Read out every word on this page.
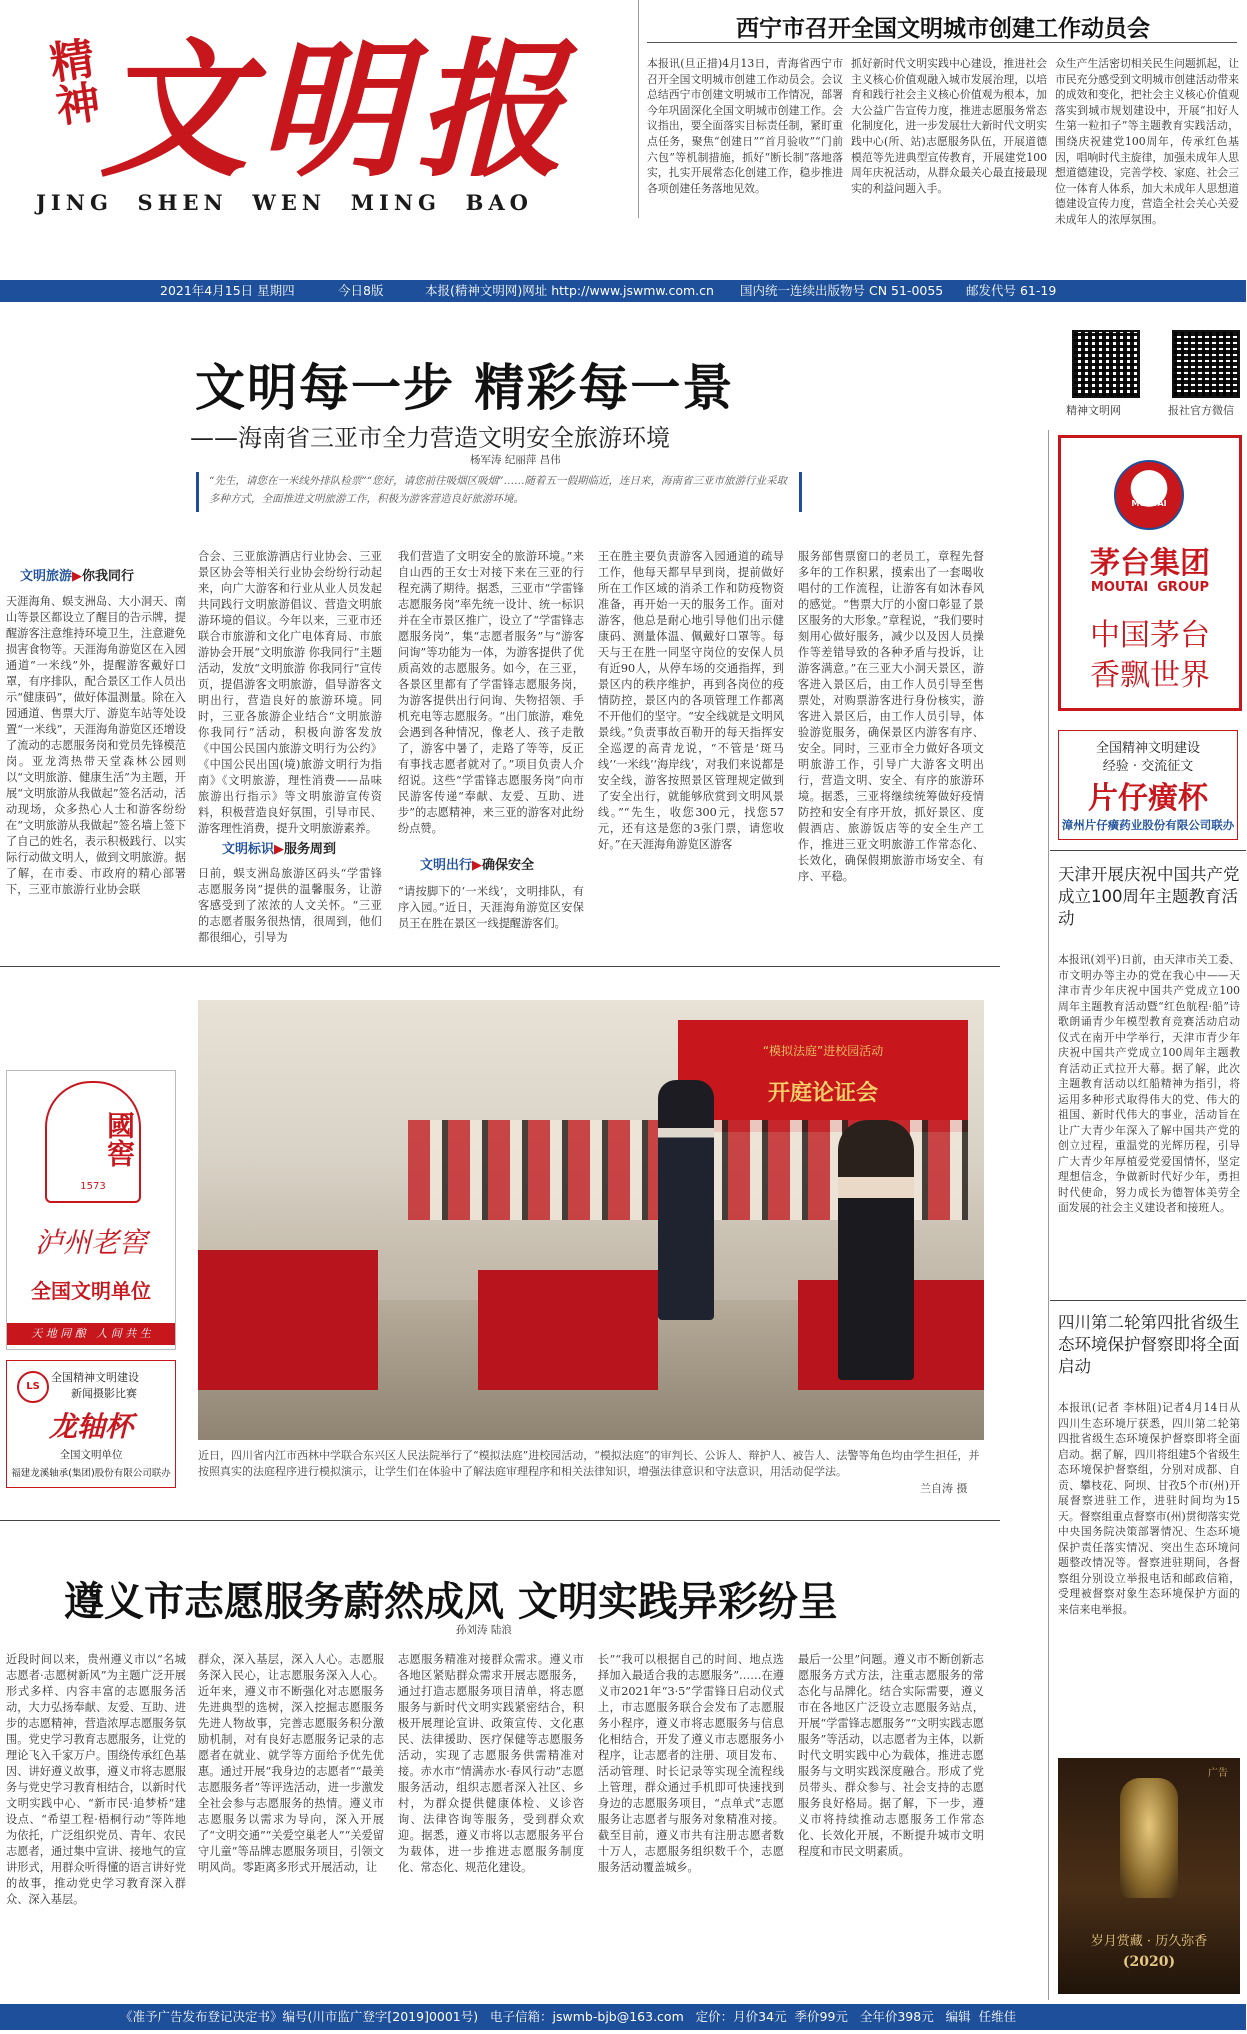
精神
文明报
JING  SHEN  WEN  MING  BAO
西宁市召开全国文明城市创建工作动员会
本报讯(旦正措)4月13日，青海省西宁市召开全国文明城市创建工作动员会。会议总结西宁市创建文明城市工作情况，部署今年巩固深化全国文明城市创建工作。会议指出，要全面落实目标责任制，紧盯重点任务，聚焦“创建日”“首月验收”“门前六包”等机制措施，抓好“断长制”落地落实，扎实开展常态化创建工作，稳步推进各项创建任务落地见效。
抓好新时代文明实践中心建设，推进社会主义核心价值观融入城市发展治理，以培育和践行社会主义核心价值观为根本，加大公益广告宣传力度，推进志愿服务常态化制度化，进一步发展壮大新时代文明实践中心(所、站)志愿服务队伍，开展道德模范等先进典型宣传教育，开展建党100周年庆祝活动，从群众最关心最直接最现实的利益问题入手。
众生产生活密切相关民生问题抓起，让市民充分感受到文明城市创建活动带来的成效和变化，把社会主义核心价值观落实到城市规划建设中，开展“扣好人生第一粒扣子”等主题教育实践活动，围绕庆祝建党100周年，传承红色基因，唱响时代主旋律，加强未成年人思想道德建设，完善学校、家庭、社会三位一体育人体系，加大未成年人思想道德建设宣传力度，营造全社会关心关爱未成年人的浓厚氛围。
2021年4月15日 星期四	今日8版	本报(精神文明网)网址 http://www.jswmw.com.cn 国内统一连续出版物号 CN 51-0055 邮发代号 61-19
文明每一步 精彩每一景
——海南省三亚市全力营造文明安全旅游环境
杨军涛 纪丽萍 昌伟
“先生，请您在一米线外排队检票”“您好，请您前往吸烟区吸烟”……随着五一假期临近，连日来，海南省三亚市旅游行业采取多种方式，全面推进文明旅游工作，积极为游客营造良好旅游环境。
精神文明网	报社官方微信
文明旅游▶你我同行
天涯海角、蜈支洲岛、大小洞天、南山等景区都设立了醒目的告示牌，提醒游客注意维持环境卫生，注意避免损害食物等。天涯海角游览区在入园通道“一米线”外，提醒游客戴好口罩，有序排队，配合景区工作人员出示“健康码”，做好体温测量。除在入园通道、售票大厅、游览车站等处设置“一米线”，天涯海角游览区还增设了流动的志愿服务岗和党员先锋模范岗。亚龙湾热带天堂森林公园则以“文明旅游、健康生活”为主题，开展“文明旅游从我做起”签名活动，活动现场，众多热心人士和游客纷纷在“文明旅游从我做起”签名墙上签下了自己的姓名，表示积极践行、以实际行动做文明人，做到文明旅游。据了解，在市委、市政府的精心部署下，三亚市旅游行业协会联
合会、三亚旅游酒店行业协会、三亚景区协会等相关行业协会纷纷行动起来，向广大游客和行业从业人员发起共同践行文明旅游倡议、营造文明旅游环境的倡议。今年以来，三亚市还联合市旅游和文化广电体育局、市旅游协会开展“文明旅游 你我同行”主题活动，发放“文明旅游 你我同行”宣传页，提倡游客文明旅游，倡导游客文明出行，营造良好的旅游环境。同时，三亚各旅游企业结合“文明旅游 你我同行”活动，积极向游客发放《中国公民国内旅游文明行为公约》《中国公民出国(境)旅游文明行为指南》《文明旅游，理性消费——品味旅游出行指示》等文明旅游宣传资料，积极营造良好氛围，引导市民、游客理性消费，提升文明旅游素养。
文明标识▶服务周到
日前，蜈支洲岛旅游区码头“学雷锋志愿服务岗”提供的温馨服务，让游客感受到了浓浓的人文关怀。“三亚的志愿者服务很热情，很周到，他们都很细心，引导为
我们营造了文明安全的旅游环境。”来自山西的王女士对接下来在三亚的行程充满了期待。据悉，三亚市“学雷锋志愿服务岗”率先统一设计、统一标识并在全市景区推广，设立了“学雷锋志愿服务岗”，集“志愿者服务”与“游客问询”等功能为一体，为游客提供了优质高效的志愿服务。如今，在三亚，各景区里都有了学雷锋志愿服务岗，为游客提供出行问询、失物招领、手机充电等志愿服务。“出门旅游，难免会遇到各种情况，像老人、孩子走散了，游客中暑了，走路了等等，反正有事找志愿者就对了。”项目负责人介绍说。这些“学雷锋志愿服务岗”向市民游客传递“奉献、友爱、互助、进步”的志愿精神，来三亚的游客对此纷纷点赞。
文明出行▶确保安全
“请按脚下的‘一米线’，文明排队，有序入园。”近日，天涯海角游览区安保员王在胜在景区一线提醒游客们。
王在胜主要负责游客入园通道的疏导工作，他每天都早早到岗，提前做好所在工作区域的消杀工作和防疫物资准备，再开始一天的服务工作。面对游客，他总是耐心地引导他们出示健康码、测量体温、佩戴好口罩等。每天与王在胜一同坚守岗位的安保人员有近90人，从停车场的交通指挥，到景区内的秩序维护，再到各岗位的疫情防控，景区内的各项管理工作都离不开他们的坚守。“安全线就是文明风景线。”负责事故百勒开的每天指挥安全巡逻的高青龙说，“不管是‘斑马线’‘一米线’‘海岸线’，对我们来说都是安全线，游客按照景区管理规定做到了安全出行，就能够欣赏到文明风景线。”“先生，收您300元，找您57元，还有这是您的3张门票，请您收好。”在天涯海角游览区游客
服务部售票窗口的老员工，章程先督多年的工作积累，摸索出了一套喝收唱付的工作流程，让游客有如沐春风的感觉。“售票大厅的小窗口彰显了景区服务的大形象。”章程说，“我们要时刻用心做好服务，减少以及因人员操作等差错导致的各种矛盾与投诉，让游客满意。”在三亚大小洞天景区，游客进入景区后，由工作人员引导至售票处，对购票游客进行身份核实，游客进入景区后，由工作人员引导，体验游览服务，确保景区内游客有序、安全。同时，三亚市全力做好各项文明旅游工作，引导广大游客文明出行，营造文明、安全、有序的旅游环境。据悉，三亚将继续统筹做好疫情防控和安全有序开放，抓好景区、度假酒店、旅游饭店等的安全生产工作，推进三亚文明旅游工作常态化、长效化，确保假期旅游市场安全、有序、平稳。
MOUTAI
茅台集团
MOUTAI  GROUP
中国茅台
香飘世界
全国精神文明建设
经验 · 交流征文
片仔癀杯
漳州片仔癀药业股份有限公司联办
天津开展庆祝中国共产党成立100周年主题教育活动
本报讯(刘平)日前，由天津市关工委、市文明办等主办的党在我心中——天津市青少年庆祝中国共产党成立100周年主题教育活动暨“红色航程·船”诗歌朗诵青少年模型教育竞赛活动启动仪式在南开中学举行，天津市青少年庆祝中国共产党成立100周年主题教育活动正式拉开大幕。据了解，此次主题教育活动以红船精神为指引，将运用多种形式取得伟大的党、伟大的祖国、新时代伟大的事业，活动旨在让广大青少年深入了解中国共产党的创立过程，重温党的光辉历程，引导广大青少年厚植爱党爱国情怀，坚定理想信念，争做新时代好少年，勇担时代使命，努力成长为德智体美劳全面发展的社会主义建设者和接班人。
四川第二轮第四批省级生态环境保护督察即将全面启动
本报讯(记者 李林阻)记者4月14日从四川生态环境厅获悉，四川第二轮第四批省级生态环境保护督察即将全面启动。据了解，四川将组建5个省级生态环境保护督察组，分别对成都、自贡、攀枝花、阿坝、甘孜5个市(州)开展督察进驻工作，进驻时间均为15天。督察组重点督察市(州)贯彻落实党中央国务院决策部署情况、生态环境保护责任落实情况、突出生态环境问题整改情况等。督察进驻期间，各督察组分别设立举报电话和邮政信箱，受理被督察对象生态环境保护方面的来信来电举报。
广告
岁月赏藏 · 历久弥香
(2020)
國窖
1573
泸州老窖
全国文明单位
天 地 同 酿   人 间 共 生
LS
全国精神文明建设
新闻摄影比赛
龙轴杯
全国文明单位
福建龙溪轴承(集团)股份有限公司联办
“模拟法庭”进校园活动
开庭论证会
近日，四川省内江市西林中学联合东兴区人民法院举行了“模拟法庭”进校园活动，“模拟法庭”的审判长、公诉人、辩护人、被告人、法警等角色均由学生担任，并按照真实的法庭程序进行模拟演示，让学生们在体验中了解法庭审理程序和相关法律知识，增强法律意识和守法意识，用活动促学法。
兰自涛 摄
遵义市志愿服务蔚然成风 文明实践异彩纷呈
孙刘涛 陆浪
近段时间以来，贵州遵义市以“名城志愿者·志愿树新风”为主题广泛开展形式多样、内容丰富的志愿服务活动，大力弘扬奉献、友爱、互助、进步的志愿精神，营造浓厚志愿服务氛围。党史学习教育志愿服务，让党的理论飞入千家万户。围绕传承红色基因、讲好遵义故事，遵义市将志愿服务与党史学习教育相结合，以新时代文明实践中心、“新市民·追梦桥”建设点、“希望工程·梧桐行动”等阵地为依托，广泛组织党员、青年、农民志愿者，通过集中宣讲、接地气的宣讲形式，用群众听得懂的语言讲好党的故事，推动党史学习教育深入群众、深入基层。
群众，深入基层，深入人心。志愿服务深入民心，让志愿服务深入人心。近年来，遵义市不断强化对志愿服务先进典型的选树，深入挖掘志愿服务先进人物故事，完善志愿服务积分激励机制，对有良好志愿服务记录的志愿者在就业、就学等方面给予优先优惠。通过开展“我身边的志愿者”“最美志愿服务者”等评选活动，进一步激发全社会参与志愿服务的热情。遵义市志愿服务以需求为导向，深入开展了“文明交通”“关爱空巢老人”“关爱留守儿童”等品牌志愿服务项目，引领文明风尚。零距离多形式开展活动，让
志愿服务精准对接群众需求。遵义市各地区紧贴群众需求开展志愿服务，通过打造志愿服务项目清单，将志愿服务与新时代文明实践紧密结合，积极开展理论宣讲、政策宣传、文化惠民、法律援助、医疗保健等志愿服务活动，实现了志愿服务供需精准对接。赤水市“情满赤水·春风行动”志愿服务活动，组织志愿者深入社区、乡村，为群众提供健康体检、义诊咨询、法律咨询等服务，受到群众欢迎。据悉，遵义市将以志愿服务平台为载体，进一步推进志愿服务制度化、常态化、规范化建设。
长”“我可以根据自己的时间、地点选择加入最适合我的志愿服务”……在遵义市2021年“3·5”学雷锋日启动仪式上，市志愿服务联合会发布了志愿服务小程序，遵义市将志愿服务与信息化相结合，开发了遵义市志愿服务小程序，让志愿者的注册、项目发布、活动管理、时长记录等实现全流程线上管理，群众通过手机即可快速找到身边的志愿服务项目，“点单式”志愿服务让志愿者与服务对象精准对接。截至目前，遵义市共有注册志愿者数十万人，志愿服务组织数千个，志愿服务活动覆盖城乡。
最后一公里”问题。遵义市不断创新志愿服务方式方法，注重志愿服务的常态化与品牌化。结合实际需要，遵义市在各地区广泛设立志愿服务站点，开展“学雷锋志愿服务”“文明实践志愿服务”等活动，以志愿者为主体，以新时代文明实践中心为载体，推进志愿服务与文明实践深度融合。形成了党员带头、群众参与、社会支持的志愿服务良好格局。据了解，下一步，遵义市将持续推动志愿服务工作常态化、长效化开展，不断提升城市文明程度和市民文明素质。
《准予广告发布登记决定书》编号(川市监广登字[2019]0001号)   电子信箱：jswmb-bjb@163.com   定价：月价34元  季价99元   全年价398元   编辑  任维佳
